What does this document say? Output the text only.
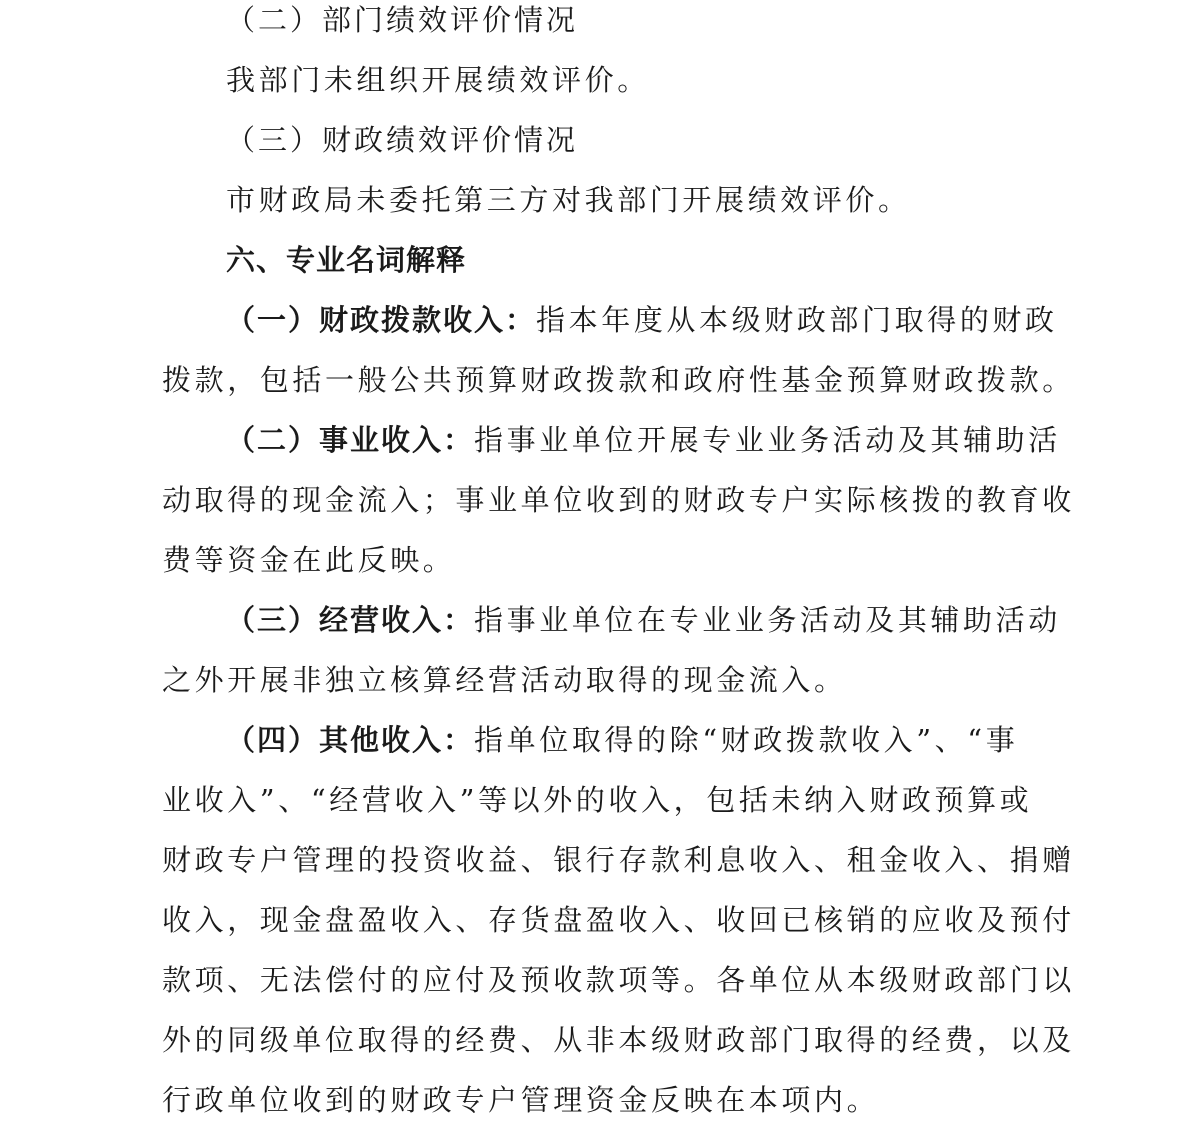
（二）部门绩效评价情况
我部门未组织开展绩效评价。
（三）财政绩效评价情况
市财政局未委托第三方对我部门开展绩效评价。
六、专业名词解释
（一）财政拨款收入：指本年度从本级财政部门取得的财政
拨款，包括一般公共预算财政拨款和政府性基金预算财政拨款。
（二）事业收入：指事业单位开展专业业务活动及其辅助活
动取得的现金流入；事业单位收到的财政专户实际核拨的教育收
费等资金在此反映。
（三）经营收入：指事业单位在专业业务活动及其辅助活动
之外开展非独立核算经营活动取得的现金流入。
（四）其他收入：指单位取得的除“财政拨款收入”、“事
业收入”、“经营收入”等以外的收入，包括未纳入财政预算或
财政专户管理的投资收益、银行存款利息收入、租金收入、捐赠
收入，现金盘盈收入、存货盘盈收入、收回已核销的应收及预付
款项、无法偿付的应付及预收款项等。各单位从本级财政部门以
外的同级单位取得的经费、从非本级财政部门取得的经费，以及
行政单位收到的财政专户管理资金反映在本项内。
